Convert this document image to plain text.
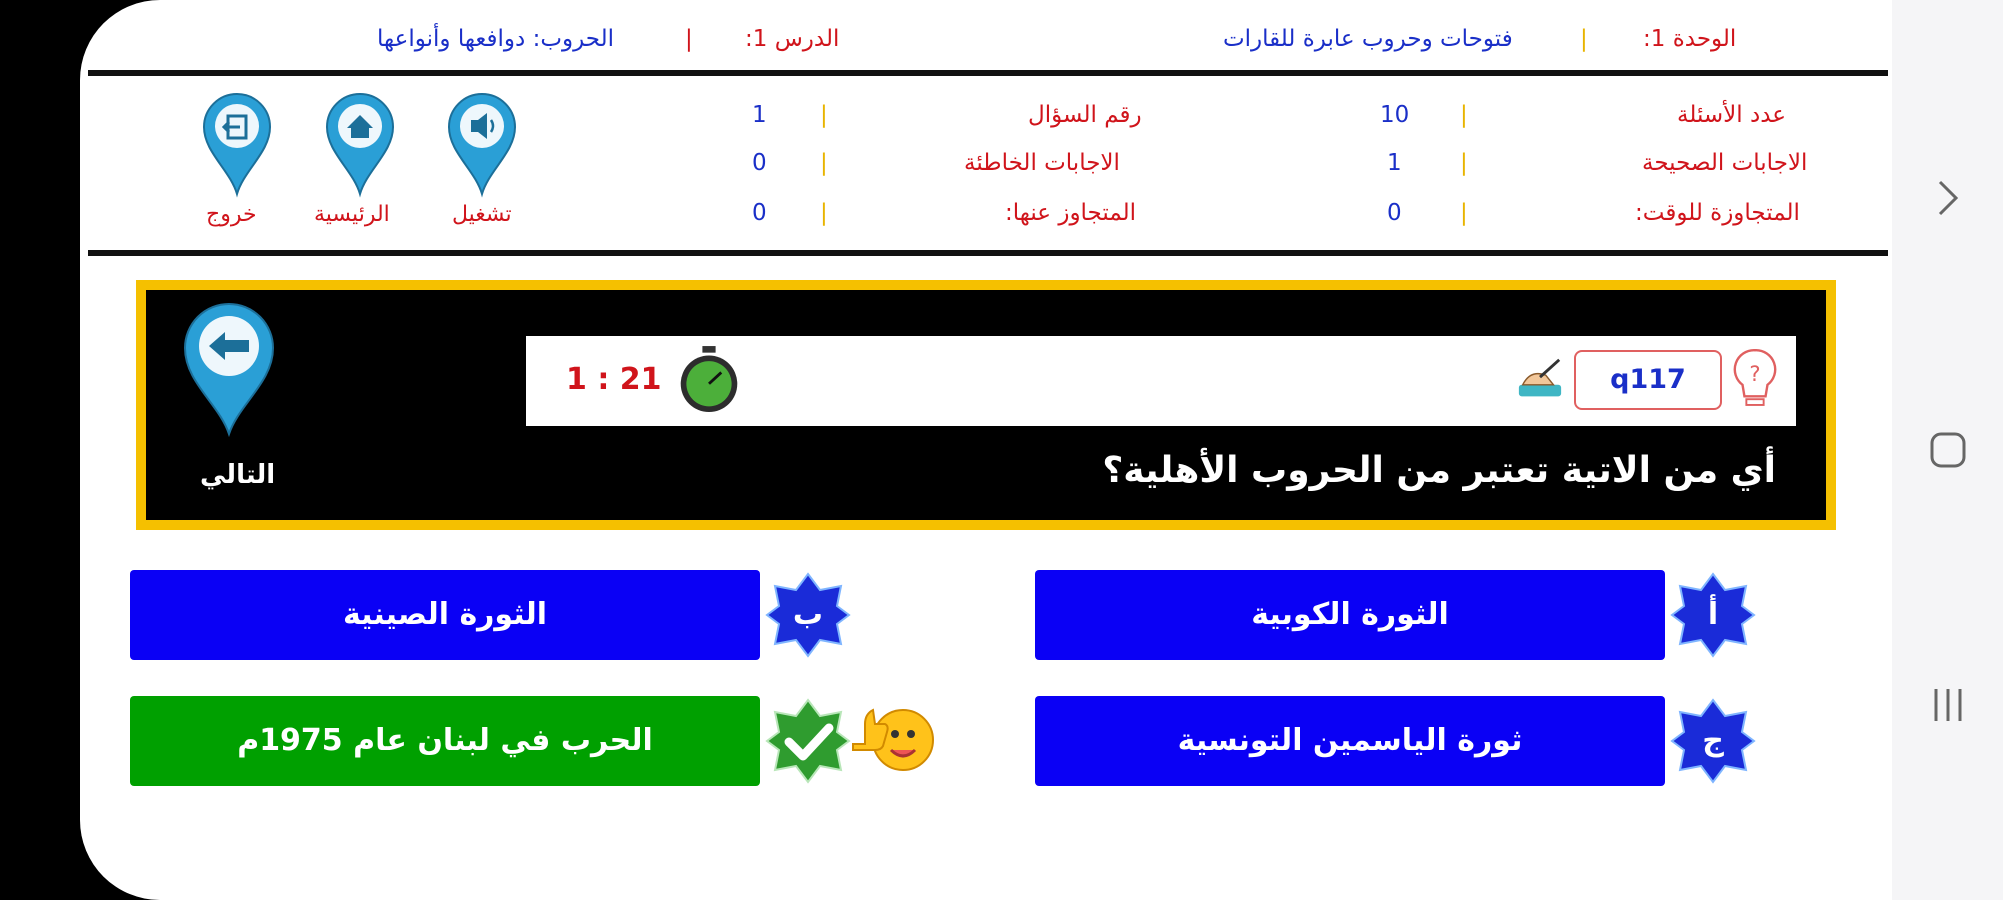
الوحدة 1:
|
فتوحات وحروب عابرة للقارات
الدرس 1:
|
الحروب: دوافعها وأنواعها
عدد الأسئلة
|
10
رقم السؤال
|
1
الاجابات الصحيحة
|
1
الاجابات الخاطئة
|
0
المتجاوزة للوقت:
|
0
المتجاوز عنها:
|
0
تشغيل
الرئيسية
خروج
التالي
1 : 21	q117	?
أي من الاتية تعتبر من الحروب الأهلية؟
الثورة الكوبية	أ
الثورة الصينية	ب
ثورة الياسمين التونسية	ج
الحرب في لبنان عام 1975م
